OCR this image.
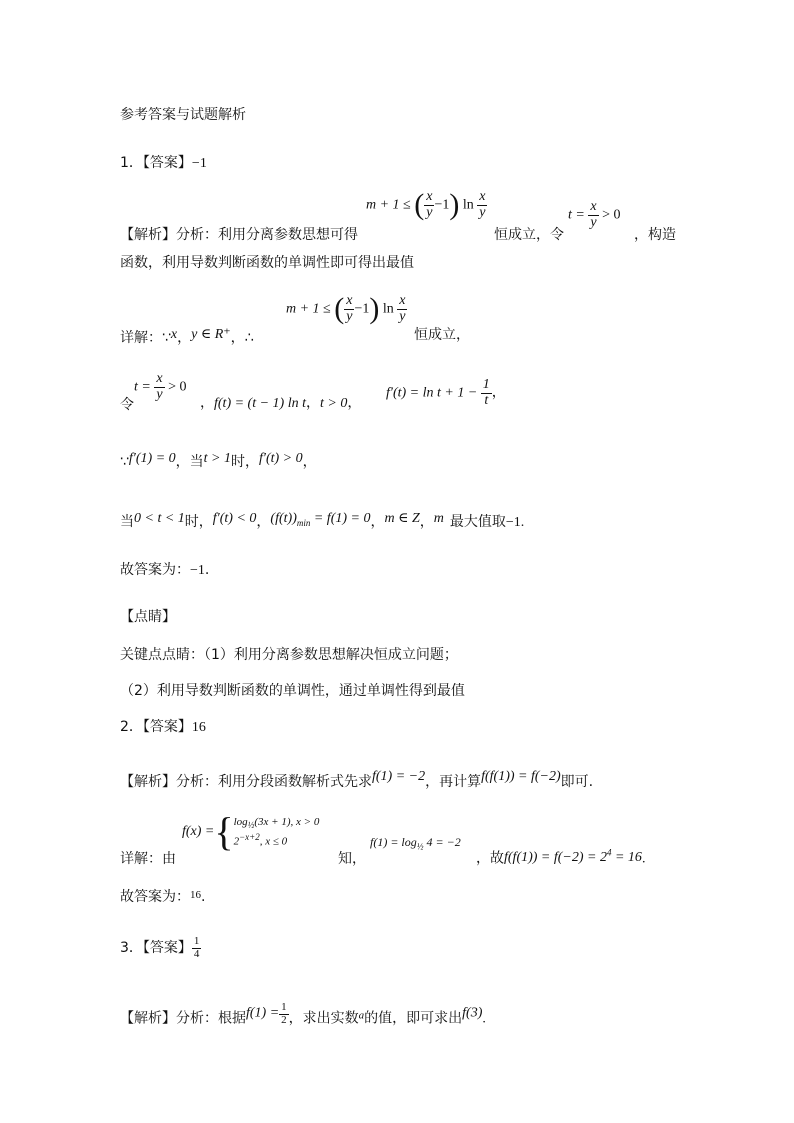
参考答案与试题解析
1．【答案】−1
【解析】分析：利用分离参数思想可得
m + 1 ≤ ( $\frac{x}{y} -1$) $\ln \frac{x}{y}$
恒成立，令
$t = \frac{x}{y} > 0$
，构造
函数，利用导数判断函数的单调性即可得出最值
详解：∵x，y ∈ R⁺，∴
m + 1 ≤ ( $\frac{x}{y} -1$) $\ln \frac{x}{y}$
恒成立，
令
$t = \frac{x}{y} > 0$
，f(t) = (t − 1) ln t，t > 0，
$f'(t) = \ln t + 1 - \frac{1}{t}$ ，
∵f′(1) = 0，当t > 1时，f′(t) > 0，
当0 < t < 1时，f′(t) < 0，$(f(t))_{min} = f(1) = 0$，m ∈ Z，m 最大值取−1.
故答案为：−1.
【点睛】
关键点点睛：（1）利用分离参数思想解决恒成立问题；
（2）利用导数判断函数的单调性，通过单调性得到最值
2．【答案】16
【解析】分析：利用分段函数解析式先求f(1) = −2，再计算f(f(1)) = f(−2)即可.
详解：由
f(x) ={ $\log_{\frac{1}{2}}(3x + 1)$, x > 0
$2^{-x+2}$, x ≤ 0
知，
$f(1) = \log_{\frac{1}{2}} 4 = -2$
，故$f(f(1)) = f(-2) = 2^4 = 16$.
故答案为：$^{16}$.
3．【答案】 $\frac{1}{4}$
【解析】分析：根据$f(1) = \frac{1}{2}$ ，求出实数$^a$的值，即可求出f(3).
